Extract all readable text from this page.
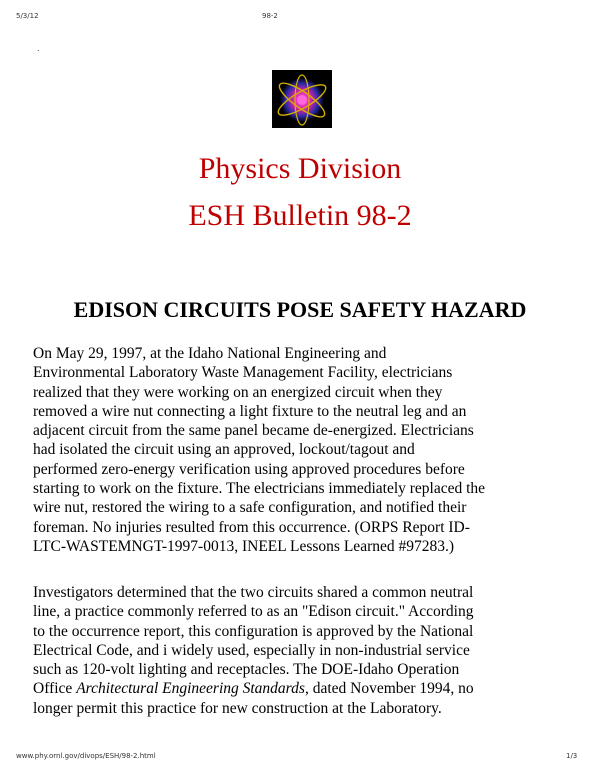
5/3/12	98-2
.
Physics Division
ESH Bulletin 98-2
EDISON CIRCUITS POSE SAFETY HAZARD
On May 29, 1997, at the Idaho National Engineering and
Environmental Laboratory Waste Management Facility, electricians
realized that they were working on an energized circuit when they
removed a wire nut connecting a light fixture to the neutral leg and an
adjacent circuit from the same panel became de-energized. Electricians
had isolated the circuit using an approved, lockout/tagout and
performed zero-energy verification using approved procedures before
starting to work on the fixture. The electricians immediately replaced the
wire nut, restored the wiring to a safe configuration, and notified their
foreman. No injuries resulted from this occurrence. (ORPS Report ID-
LTC-WASTEMNGT-1997-0013, INEEL Lessons Learned #97283.)
Investigators determined that the two circuits shared a common neutral
line, a practice commonly referred to as an "Edison circuit." According
to the occurrence report, this configuration is approved by the National
Electrical Code, and i widely used, especially in non-industrial service
such as 120-volt lighting and receptacles. The DOE-Idaho Operation
Office Architectural Engineering Standards, dated November 1994, no
longer permit this practice for new construction at the Laboratory.
www.phy.ornl.gov/divops/ESH/98-2.html	1/3
